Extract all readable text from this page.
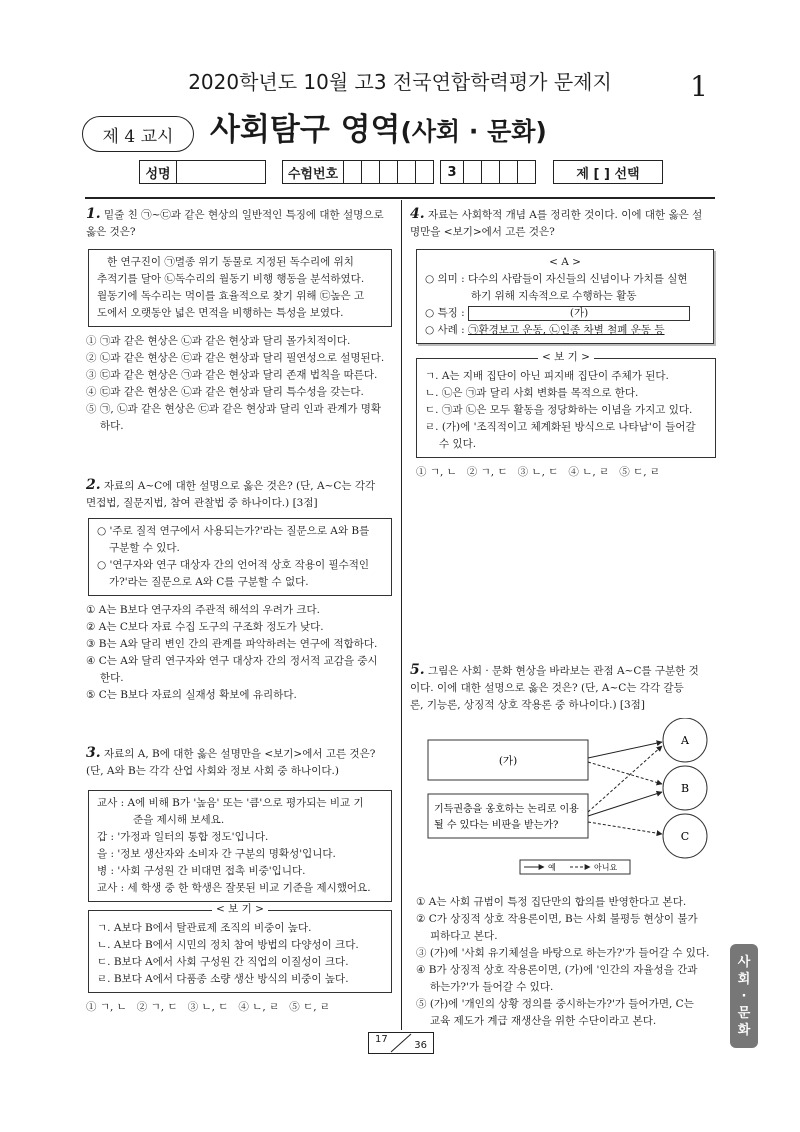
2020학년도 10월 고3 전국연합학력평가 문제지	1
제 4 교시	사회탐구 영역(사회 · 문화)
성명	수험번호	3	제 [ ] 선택
1. 밑줄 친 ㉠~㉢과 같은 현상의 일반적인 특징에 대한 설명으로 옳은 것은?
한 연구진이 ㉠멸종 위기 동물로 지정된 독수리에 위치
추적기를 달아 ㉡독수리의 월동기 비행 행동을 분석하였다.
월동기에 독수리는 먹이를 효율적으로 찾기 위해 ㉢높은 고
도에서 오랫동안 넓은 면적을 비행하는 특성을 보였다.
① ㉠과 같은 현상은 ㉡과 같은 현상과 달리 몰가치적이다.
② ㉡과 같은 현상은 ㉢과 같은 현상과 달리 필연성으로 설명된다.
③ ㉢과 같은 현상은 ㉠과 같은 현상과 달리 존재 법칙을 따른다.
④ ㉢과 같은 현상은 ㉡과 같은 현상과 달리 특수성을 갖는다.
⑤ ㉠, ㉡과 같은 현상은 ㉢과 같은 현상과 달리 인과 관계가 명확
하다.
2. 자료의 A~C에 대한 설명으로 옳은 것은? (단, A~C는 각각
면접법, 질문지법, 참여 관찰법 중 하나이다.) [3점]
○ '주로 질적 연구에서 사용되는가?'라는 질문으로 A와 B를
구분할 수 있다.
○ '연구자와 연구 대상자 간의 언어적 상호 작용이 필수적인
가?'라는 질문으로 A와 C를 구분할 수 없다.
① A는 B보다 연구자의 주관적 해석의 우려가 크다.
② A는 C보다 자료 수집 도구의 구조화 정도가 낮다.
③ B는 A와 달리 변인 간의 관계를 파악하려는 연구에 적합하다.
④ C는 A와 달리 연구자와 연구 대상자 간의 정서적 교감을 중시
한다.
⑤ C는 B보다 자료의 실재성 확보에 유리하다.
3. 자료의 A, B에 대한 옳은 설명만을 <보기>에서 고른 것은?
(단, A와 B는 각각 산업 사회와 정보 사회 중 하나이다.)
교사 : A에 비해 B가 '높음' 또는 '큼'으로 평가되는 비교 기
준을 제시해 보세요.
갑 : '가정과 일터의 통합 정도'입니다.
을 : '정보 생산자와 소비자 간 구분의 명확성'입니다.
병 : '사회 구성원 간 비대면 접촉 비중'입니다.
교사 : 세 학생 중 한 학생은 잘못된 비교 기준을 제시했어요.
< 보 기 >
ㄱ. A보다 B에서 탈관료제 조직의 비중이 높다.
ㄴ. A보다 B에서 시민의 정치 참여 방법의 다양성이 크다.
ㄷ. B보다 A에서 사회 구성원 간 직업의 이질성이 크다.
ㄹ. B보다 A에서 다품종 소량 생산 방식의 비중이 높다.
① ㄱ, ㄴ   ② ㄱ, ㄷ   ③ ㄴ, ㄷ   ④ ㄴ, ㄹ   ⑤ ㄷ, ㄹ
4. 자료는 사회학적 개념 A를 정리한 것이다. 이에 대한 옳은 설
명만을 <보기>에서 고른 것은?
< A >
○ 의미 : 다수의 사람들이 자신들의 신념이나 가치를 실현
하기 위해 지속적으로 수행하는 활동
○ 특징 :	(가)
○ 사례 : ㉠환경보고 운동, ㉡인종 차별 철폐 운동 등
< 보 기 >
ㄱ. A는 지배 집단이 아닌 피지배 집단이 주체가 된다.
ㄴ. ㉡은 ㉠과 달리 사회 변화를 목적으로 한다.
ㄷ. ㉠과 ㉡은 모두 활동을 정당화하는 이념을 가지고 있다.
ㄹ. (가)에 '조직적이고 체계화된 방식으로 나타남'이 들어갈
수 있다.
① ㄱ, ㄴ   ② ㄱ, ㄷ   ③ ㄴ, ㄷ   ④ ㄴ, ㄹ   ⑤ ㄷ, ㄹ
5. 그림은 사회 · 문화 현상을 바라보는 관점 A~C를 구분한 것
이다. 이에 대한 설명으로 옳은 것은? (단, A~C는 각각 갈등
론, 기능론, 상징적 상호 작용론 중 하나이다.) [3점]
(가)
기득권층을 옹호하는 논리로 이용
될 수 있다는 비판을 받는가?
A
B
C
예	아니요
① A는 사회 규범이 특정 집단만의 합의를 반영한다고 본다.
② C가 상징적 상호 작용론이면, B는 사회 불평등 현상이 불가
피하다고 본다.
③ (가)에 '사회 유기체설을 바탕으로 하는가?'가 들어갈 수 있다.
④ B가 상징적 상호 작용론이면, (가)에 '인간의 자율성을 간과
하는가?'가 들어갈 수 있다.
⑤ (가)에 '개인의 상황 정의를 중시하는가?'가 들어가면, C는
교육 제도가 계급 재생산을 위한 수단이라고 본다.
사
회
·
문
화
17
36
